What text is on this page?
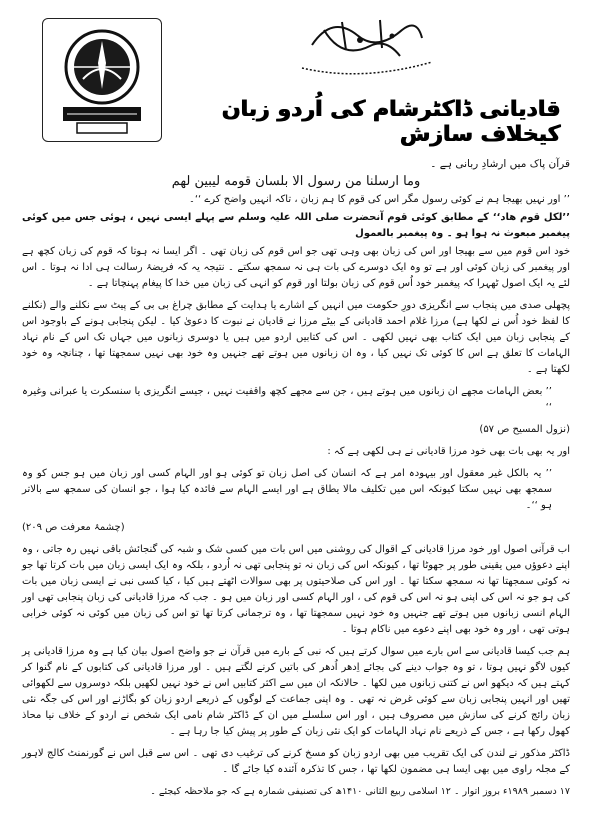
قادیانی ڈاکٹرشام کی اُردو زبان کیخلاف سازش

قرآن پاک میں ارشادِ ربانی ہے ۔

وما ارسلنا من رسول الا بلسان قومه لیبین لهم

’’ اور نہیں بھیجا ہم نے کوئی رسول مگر اس کی قوم کا ہم زبان ، تاکہ انہیں واضح کرے ‘‘۔

’’لکل قوم ھاد‘‘ کے مطابق کوئی قوم آنحضرت صلی اللہ علیہ وسلم سے پہلے ایسی نہیں ، ہوئی جس میں کوئی پیغمبر مبعوث نہ ہوا ہو ۔ وہ پیغمبر بالعمول

خود اس قوم میں سے بھیجا اور اس کی زبان بھی وہی تھی جو اس قوم کی زبان تھی ۔ اگر ایسا نہ ہوتا کہ قوم کی زبان کچھ ہے اور پیغمبر کی زبان کوئی اور ہے تو وہ ایک دوسرے کی بات ہی نہ سمجھ سکتے ۔ نتیجہ یہ کہ فریضۂ رسالت ہی ادا نہ ہوتا ۔ اس لئے یہ ایک اصول ٹھہرا کہ پیغمبر خود اُس قوم کی زبان بولتا اور قوم کو انہی کی زبان میں خدا کا پیغام پہنچاتا ہے ۔

پچھلی صدی میں پنجاب سے انگریزی دورِ حکومت میں انہیں کے اشارے یا ہدایت کے مطابق چراغ بی بی کے پیٹ سے نکلنے والے (نکلنے کا لفظ خود اُس نے لکھا ہے) مرزا غلام احمد قادیانی کے بیٹے مرزا نے قادیان نے نبوت کا دعویٰ کیا ۔ لیکن پنجابی ہونے کے باوجود اس کے پنجابی زبان میں ایک کتاب بھی نہیں لکھی ۔ اس کی کتابیں اردو میں ہیں یا دوسری زبانوں میں جہاں تک اس کے نام نہاد الہامات کا تعلق ہے اس کا کوئی تک نہیں کیا ، وہ ان زبانوں میں ہوتے تھے جنہیں وہ خود بھی نہیں سمجھتا تھا ، چنانچہ وہ خود لکھتا ہے ۔

’’ بعض الہامات مجھے ان زبانوں میں ہوتے ہیں ، جن سے مجھے کچھ واقفیت نہیں ، جیسے انگریزی یا سنسکرت یا عبرانی وغیرہ ‘‘

(نزول المسیح ص ۵۷)

اور یہ بھی بات بھی خود مرزا قادیانی نے ہی لکھی ہے کہ :

’’ یہ بالکل غیر معقول اور بیہودہ امر ہے کہ انسان کی اصل زبان تو کوئی ہو اور الہام کسی اور زبان میں ہو جس کو وہ سمجھ بھی نہیں سکتا کیونکہ اس میں تکلیف مالا یطاق ہے اور ایسے الہام سے فائدہ کیا ہوا ، جو انسان کی سمجھ سے بالاتر ہو ‘‘۔

(چشمۂ معرفت ص ۲۰۹)

اب قرآنی اصول اور خود مرزا قادیانی کے اقوال کی روشنی میں اس بات میں کسی شک و شبہ کی گنجائش باقی نہیں رہ جاتی ، وہ اپنے دعوؤں میں یقینی طور پر جھوٹا تھا ، کیونکہ اس کی زبان نہ تو پنجابی تھی نہ اُردو ، بلکہ وہ ایک ایسی زبان میں بات کرتا تھا جو نہ کوئی سمجھتا تھا نہ سمجھ سکتا تھا ۔ اور اس کی صلاحیتوں پر بھی سوالات اٹھتے ہیں کیا ، کیا کسی نبی نے ایسی زبان میں بات کی ہو جو نہ اس کی اپنی ہو نہ اس کی قوم کی ، اور الہام کسی اور زبان میں ہو ۔ جب کہ مرزا قادیانی کی زبان پنجابی تھی اور الہام انسی زبانوں میں ہوتے تھے جنہیں وہ خود نہیں سمجھتا تھا ، وہ ترجمانی کرتا تھا تو اس کی زبان میں کوئی نہ کوئی خرابی ہوتی تھی ، اور وہ خود بھی اپنے دعوے میں ناکام ہوتا ۔

ہم جب کیسا قادیانی سے اس بارے میں سوال کرتے ہیں کہ نبی کے بارے میں قرآن نے جو واضح اصول بیان کیا ہے وہ مرزا قادیانی پر کیوں لاگو نہیں ہوتا ، تو وہ جواب دینے کی بجائے اِدھر اُدھر کی باتیں کرنے لگتے ہیں ۔ اور مرزا قادیانی کی کتابوں کے نام گنوا کر کہتے ہیں کہ دیکھو اس نے کتنی زبانوں میں لکھا ۔ حالانکہ ان میں سے اکثر کتابیں اس نے خود نہیں لکھیں بلکہ دوسروں سے لکھوائی تھیں اور انہیں پنجابی زبان سے کوئی غرض نہ تھی ۔ وہ اپنی جماعت کے لوگوں کے ذریعے اردو زبان کو بگاڑنے اور اس کی جگہ نئی زبان رائج کرنے کی سازش میں مصروف ہیں ، اور اس سلسلے میں ان کے ڈاکٹر شام نامی ایک شخص نے اردو کے خلاف نیا محاذ کھول رکھا ہے ، جس کے ذریعے نام نہاد الہامات کو ایک نئی زبان کے طور پر پیش کیا جا رہا ہے ۔

ڈاکٹر مذکور نے لندن کی ایک تقریب میں بھی اردو زبان کو مسخ کرنے کی ترغیب دی تھی ۔ اس سے قبل اس نے گورنمنٹ کالج لاہور کے مجلہ راوی میں بھی ایسا ہی مضمون لکھا تھا ، جس کا تذکرہ آئندہ کیا جائے گا ۔

۱۷ دسمبر ۱۹۸۹ء بروز اتوار ۔ ۱۲ اسلامی ربیع الثانی ۱۴۱۰ھ کی تصنیفی شمارہ ہے کہ جو ملاحظہ کیجئے ۔
